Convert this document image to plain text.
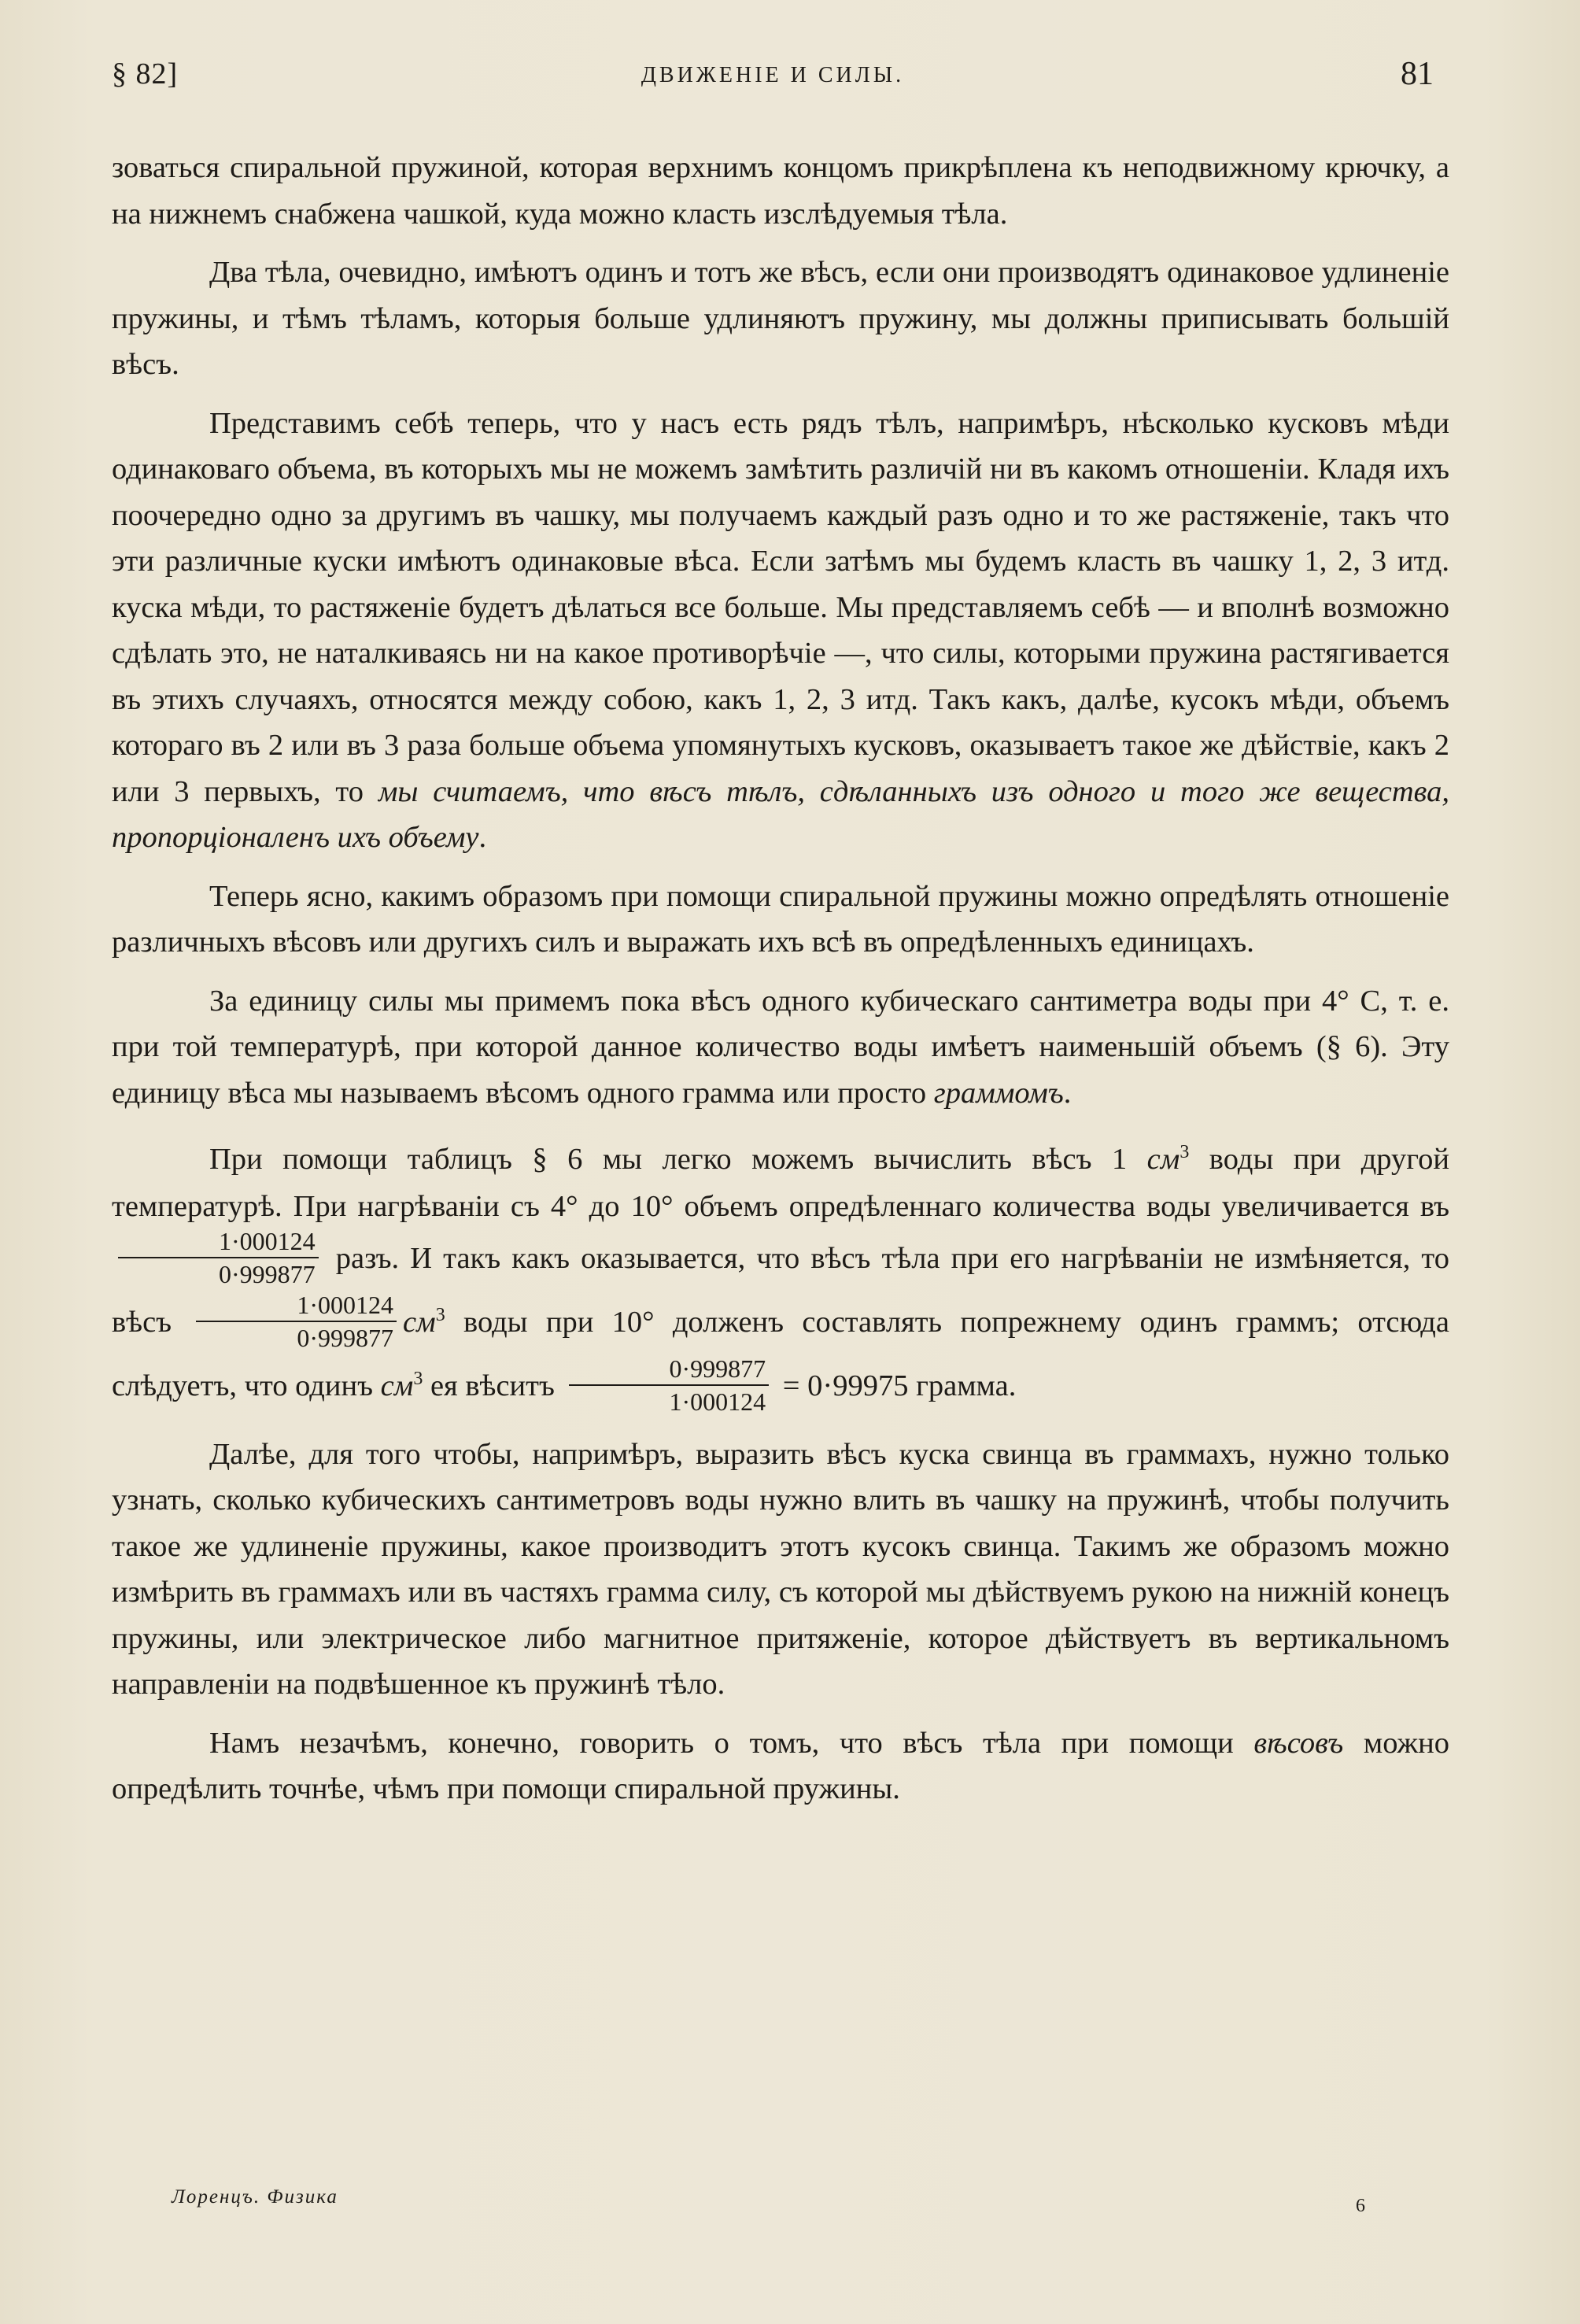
§ 82]	ДВИЖЕНІЕ И СИЛЫ.	81

зоваться спиральной пружиной, которая верхнимъ концомъ прикрѣплена къ неподвижному крючку, а на нижнемъ снабжена чашкой, куда можно класть изслѣдуемыя тѣла.

Два тѣла, очевидно, имѣютъ одинъ и тотъ же вѣсъ, если они производятъ одинаковое удлиненіе пружины, и тѣмъ тѣламъ, которыя больше удлиняютъ пружину, мы должны приписывать большій вѣсъ.

Представимъ себѣ теперь, что у насъ есть рядъ тѣлъ, напримѣръ, нѣсколько кусковъ мѣди одинаковаго объема, въ которыхъ мы не можемъ замѣтить различій ни въ какомъ отношеніи. Кладя ихъ поочередно одно за другимъ въ чашку, мы получаемъ каждый разъ одно и то же растяженіе, такъ что эти различные куски имѣютъ одинаковые вѣса. Если затѣмъ мы будемъ класть въ чашку 1, 2, 3 итд. куска мѣди, то растяженіе будетъ дѣлаться все больше. Мы представляемъ себѣ — и вполнѣ возможно сдѣлать это, не наталкиваясь ни на какое противорѣчіе —, что силы, которыми пружина растягивается въ этихъ случаяхъ, относятся между собою, какъ 1, 2, 3 итд. Такъ какъ, далѣе, кусокъ мѣди, объемъ котораго въ 2 или въ 3 раза больше объема упомянутыхъ кусковъ, оказываетъ такое же дѣйствіе, какъ 2 или 3 первыхъ, то мы считаемъ, что вѣсъ тѣлъ, сдѣланныхъ изъ одного и того же вещества, пропорціоналенъ ихъ объему.

Теперь ясно, какимъ образомъ при помощи спиральной пружины можно опредѣлять отношеніе различныхъ вѣсовъ или другихъ силъ и выражать ихъ всѣ въ опредѣленныхъ единицахъ.

За единицу силы мы примемъ пока вѣсъ одного кубическаго сантиметра воды при 4° С, т. е. при той температурѣ, при которой данное количество воды имѣетъ наименьшій объемъ (§ 6). Эту единицу вѣса мы называемъ вѣсомъ одного грамма или просто граммомъ.

При помощи таблицъ § 6 мы легко можемъ вычислить вѣсъ 1 $см^3$ воды при другой температурѣ. При нагрѣваніи съ 4° до 10° объемъ опредѣленнаго количества воды увеличивается въ
$\frac{1\cdot 000124}{0\cdot 999877}$ разъ. И такъ какъ оказывается, что вѣсъ тѣла при его нагрѣваніи не измѣняется, то вѣсъ $\frac{1\cdot 000124}{0\cdot 999877} см^3$ воды при 10° долженъ составлять попрежнему одинъ граммъ; отсюда слѣдуетъ, что одинъ $см^3$ ея вѣситъ $\frac{0\cdot 999877}{1\cdot 000124} = 0\cdot 99975$ грамма.

Далѣе, для того чтобы, напримѣръ, выразить вѣсъ куска свинца въ граммахъ, нужно только узнать, сколько кубическихъ сантиметровъ воды нужно влить въ чашку на пружинѣ, чтобы получить такое же удлиненіе пружины, какое производитъ этотъ кусокъ свинца. Такимъ же образомъ можно измѣрить въ граммахъ или въ частяхъ грамма силу, съ которой мы дѣйствуемъ рукою на нижній конецъ пружины, или электрическое либо магнитное притяженіе, которое дѣйствуетъ въ вертикальномъ направленіи на подвѣшенное къ пружинѣ тѣло.

Намъ незачѣмъ, конечно, говорить о томъ, что вѣсъ тѣла при помощи вѣсовъ можно опредѣлить точнѣе, чѣмъ при помощи спиральной пружины.

Лоренцъ. Физика	6
